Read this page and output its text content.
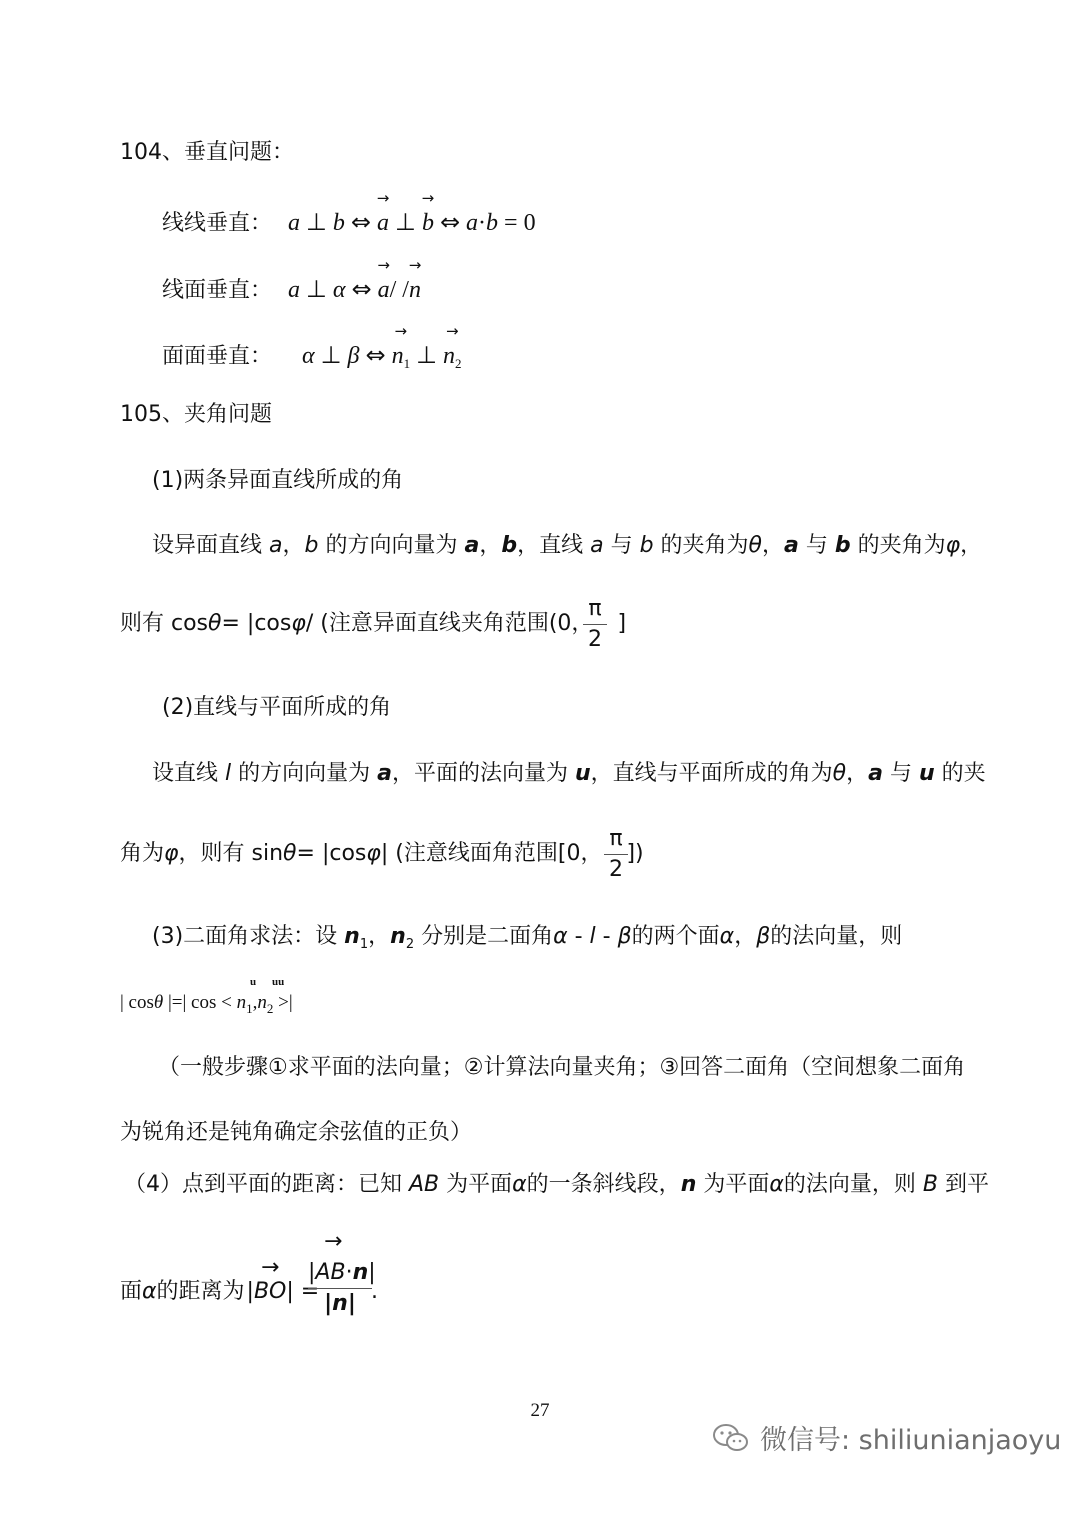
104、垂直问题：
线线垂直： a ⊥ b ⇔
→
a ⊥
→
b ⇔ a·b = 0
线面垂直： a ⊥ α ⇔
→
a/ /
→
n
面面垂直： α ⊥ β ⇔
→
$n_1$ ⊥
→
$n_2$
105、夹角问题
(1)两条异面直线所成的角
设异面直线 a，b 的方向向量为 a，b，直线 a 与 b 的夹角为θ，a 与 b 的夹角为φ，
则有 cosθ= |cosφ/ (注意异面直线夹角范围(0， ]
π
2
(2)直线与平面所成的角
设直线 l 的方向向量为 a，平面的法向量为 u，直线与平面所成的角为θ，a 与 u 的夹
角为φ，则有 sinθ= |cosφ| (注意线面角范围[0， ])
π
2
(3)二面角求法：设 $n_1$，$n_2$ 分别是二面角α - l - β的两个面α，β的法向量，则
u uu
| cosθ |=| $\cos < n_1,n_2$ >|
（一般步骤①求平面的法向量；②计算法向量夹角；③回答二面角（空间想象二面角
为锐角还是钝角确定余弦值的正负）
（4）点到平面的距离：已知 AB 为平面α的一条斜线段，n 为平面α的法向量，则 B 到平
面α的距离为
→
|BO| =
→
|AB·n|
|n| .
27
微信号: shiliunianjaoyu
